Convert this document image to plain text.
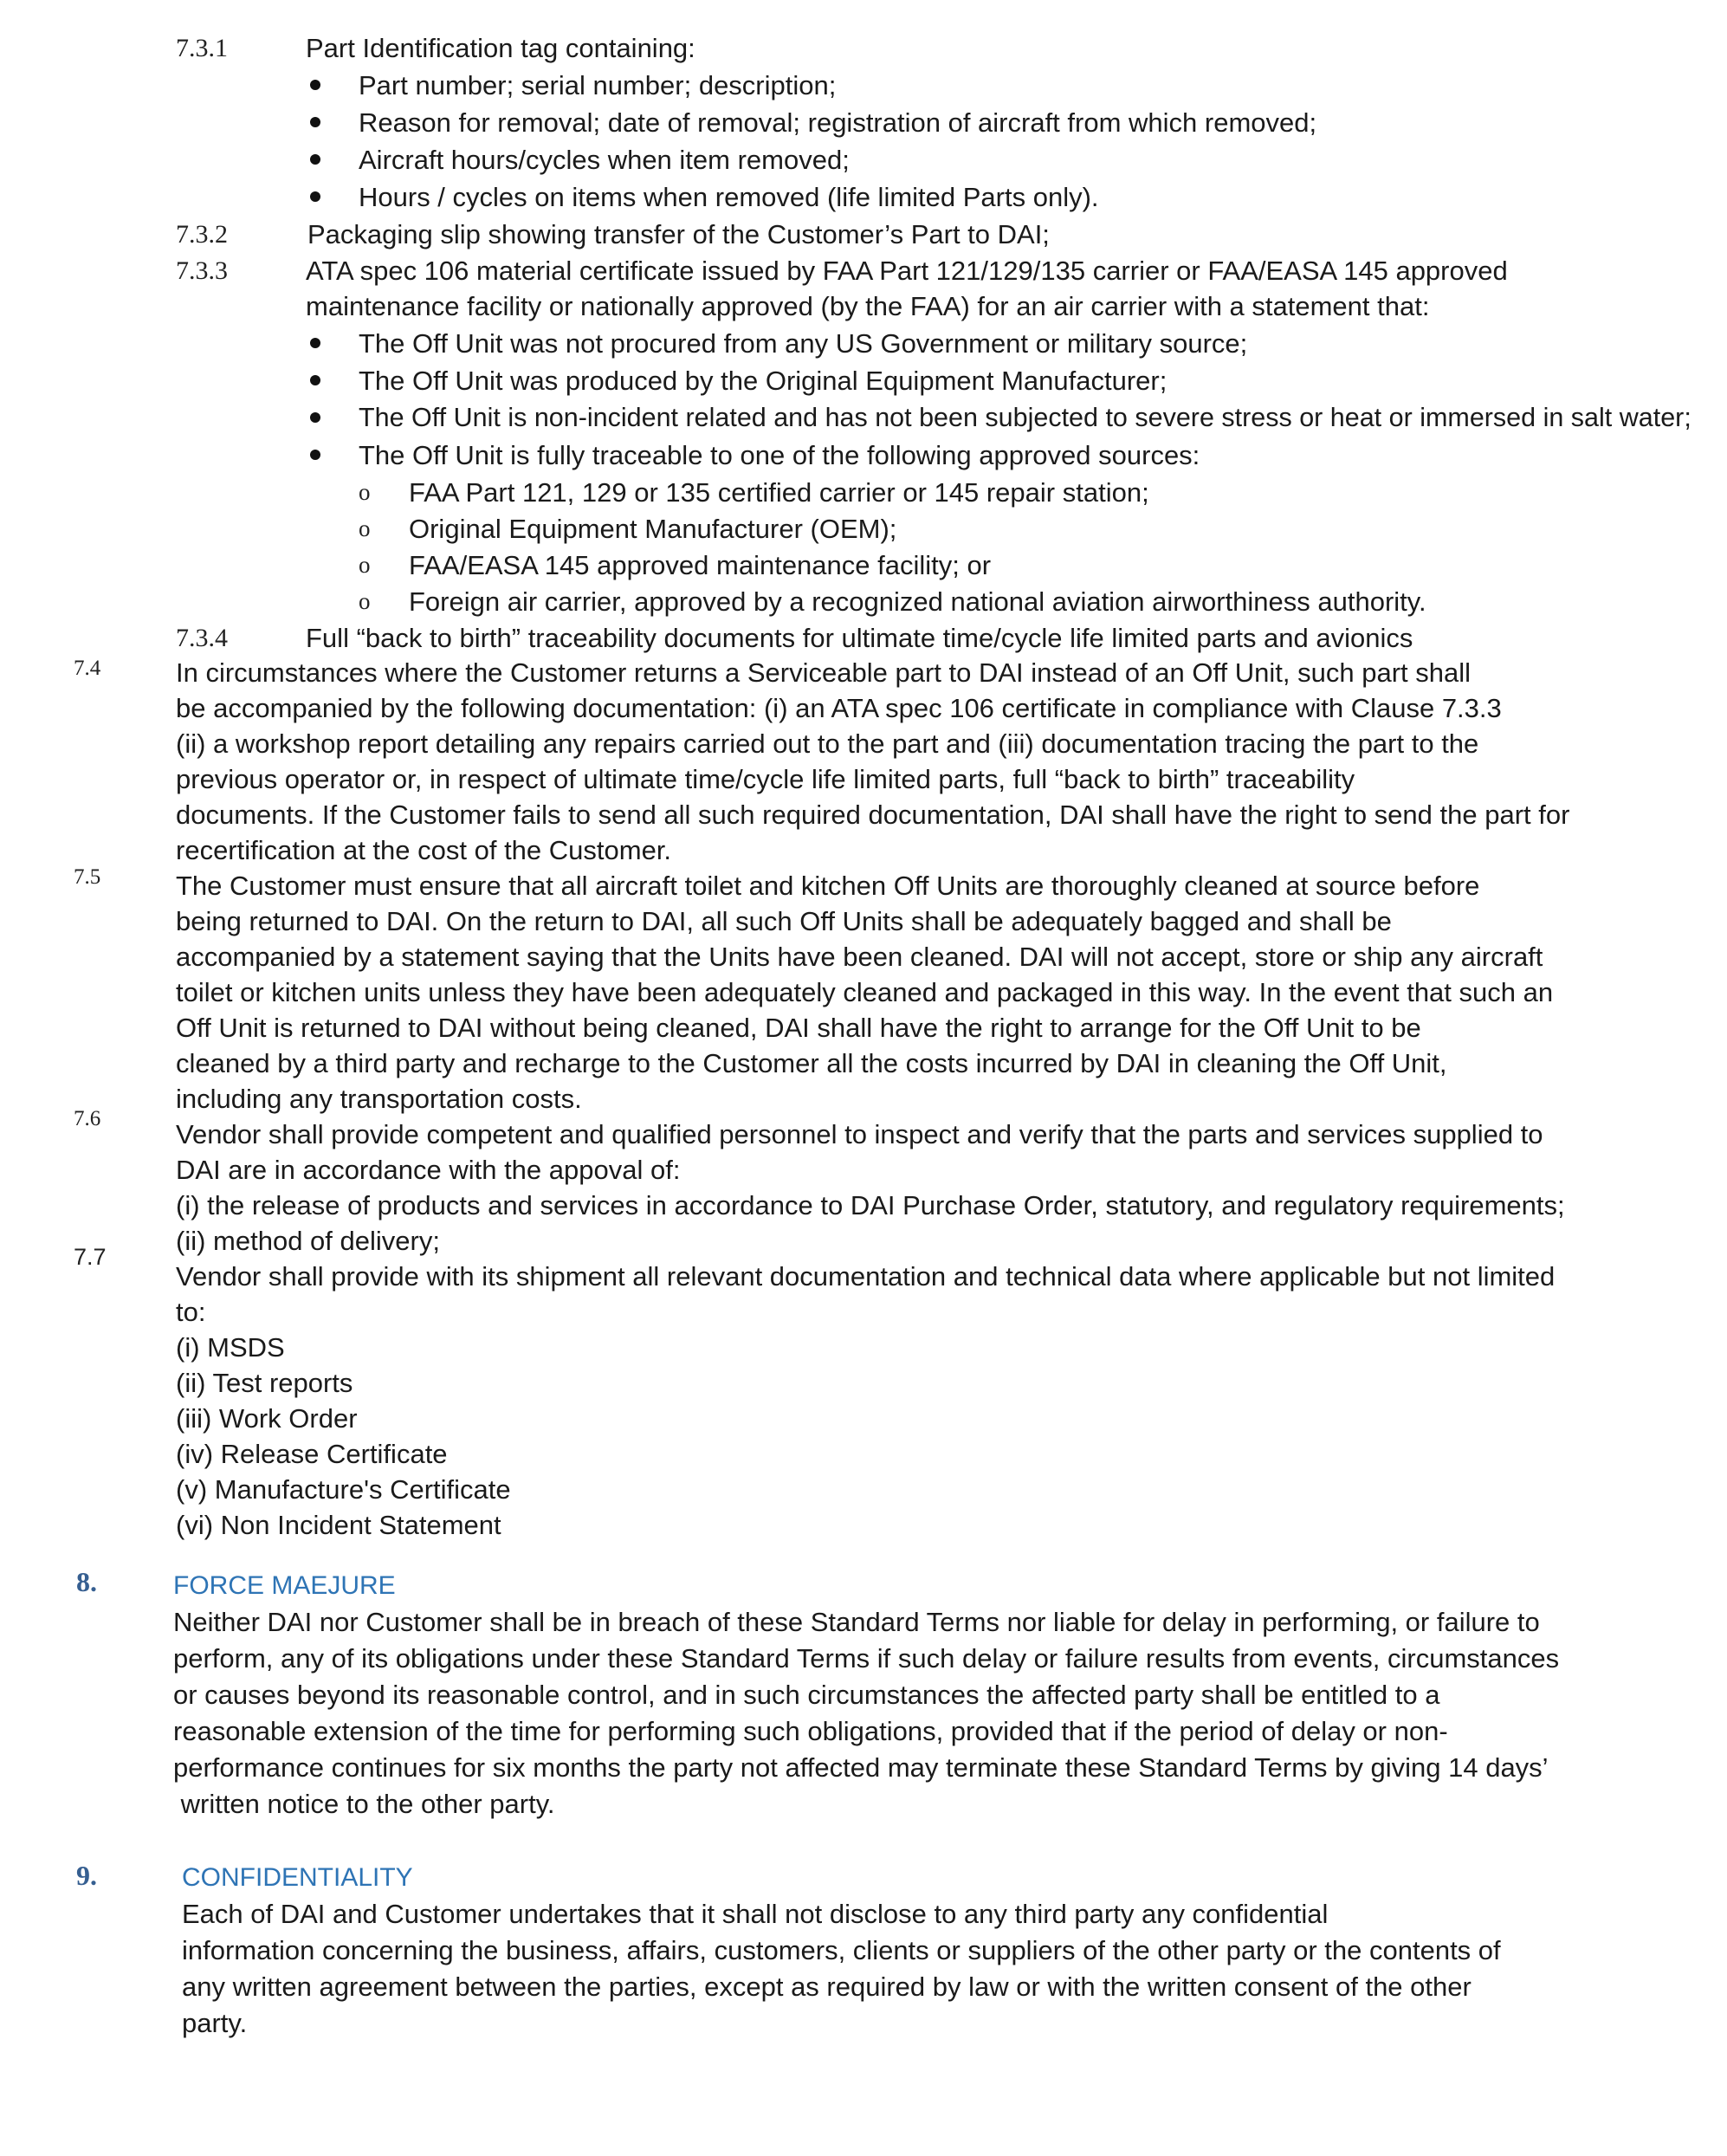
7.3.1	Part Identification tag containing:
Part number; serial number; description;
Reason for removal; date of removal; registration of aircraft from which removed;
Aircraft hours/cycles when item removed;
Hours / cycles on items when removed (life limited Parts only).
7.3.2	Packaging slip showing transfer of the Customer’s Part to DAI;
7.3.3	ATA spec 106 material certificate issued by FAA Part 121/129/135 carrier or FAA/EASA 145 approved
maintenance facility or nationally approved (by the FAA) for an air carrier with a statement that:
The Off Unit was not procured from any US Government or military source;
The Off Unit was produced by the Original Equipment Manufacturer;
The Off Unit is non-incident related and has not been subjected to severe stress or heat or immersed in salt water;
The Off Unit is fully traceable to one of the following approved sources:
o FAA Part 121, 129 or 135 certified carrier or 145 repair station;
o Original Equipment Manufacturer (OEM);
o FAA/EASA 145 approved maintenance facility; or
o Foreign air carrier, approved by a recognized national aviation airworthiness authority.
7.3.4	Full “back to birth” traceability documents for ultimate time/cycle life limited parts and avionics
7.4	In circumstances where the Customer returns a Serviceable part to DAI instead of an Off Unit, such part shall
be accompanied by the following documentation: (i) an ATA spec 106 certificate in compliance with Clause 7.3.3
(ii) a workshop report detailing any repairs carried out to the part and (iii) documentation tracing the part to the
previous operator or, in respect of ultimate time/cycle life limited parts, full “back to birth” traceability
documents. If the Customer fails to send all such required documentation, DAI shall have the right to send the part for
recertification at the cost of the Customer.
7.5	The Customer must ensure that all aircraft toilet and kitchen Off Units are thoroughly cleaned at source before
being returned to DAI. On the return to DAI, all such Off Units shall be adequately bagged and shall be
accompanied by a statement saying that the Units have been cleaned. DAI will not accept, store or ship any aircraft
toilet or kitchen units unless they have been adequately cleaned and packaged in this way. In the event that such an
Off Unit is returned to DAI without being cleaned, DAI shall have the right to arrange for the Off Unit to be
cleaned by a third party and recharge to the Customer all the costs incurred by DAI in cleaning the Off Unit,
including any transportation costs.
7.6
Vendor shall provide competent and qualified personnel to inspect and verify that the parts and services supplied to
DAI are in accordance with the appoval of:
(i) the release of products and services in accordance to DAI Purchase Order, statutory, and regulatory requirements;
(ii) method of delivery;
7.7
Vendor shall provide with its shipment all relevant documentation and technical data where applicable but not limited
to:
(i) MSDS
(ii) Test reports
(iii) Work Order
(iv) Release Certificate
(v) Manufacture's Certificate
(vi) Non Incident Statement
8.	FORCE MAEJURE
Neither DAI nor Customer shall be in breach of these Standard Terms nor liable for delay in performing, or failure to
perform, any of its obligations under these Standard Terms if such delay or failure results from events, circumstances
or causes beyond its reasonable control, and in such circumstances the affected party shall be entitled to a
reasonable extension of the time for performing such obligations, provided that if the period of delay or non-
performance continues for six months the party not affected may terminate these Standard Terms by giving 14 days’
written notice to the other party.
9.	CONFIDENTIALITY
Each of DAI and Customer undertakes that it shall not disclose to any third party any confidential
information concerning the business, affairs, customers, clients or suppliers of the other party or the contents of
any written agreement between the parties, except as required by law or with the written consent of the other
party.
